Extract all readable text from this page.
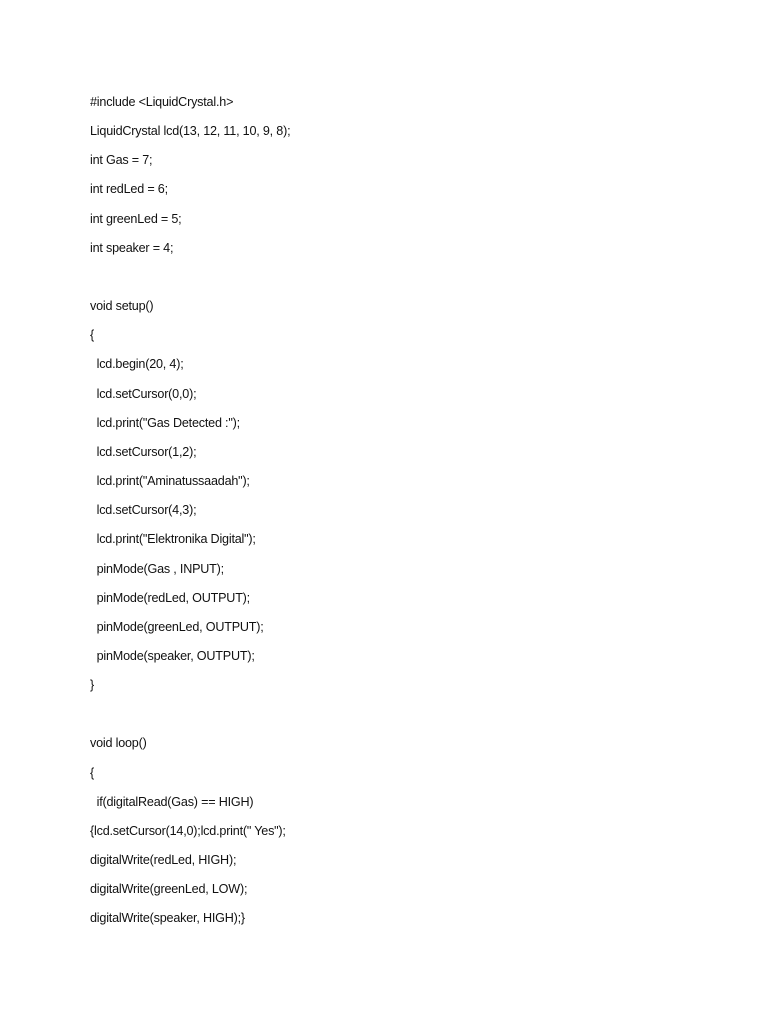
#include <LiquidCrystal.h>
LiquidCrystal lcd(13, 12, 11, 10, 9, 8);
int Gas = 7;
int redLed = 6;
int greenLed = 5;
int speaker = 4;
void setup()
{
lcd.begin(20, 4);
lcd.setCursor(0,0);
lcd.print("Gas Detected :");
lcd.setCursor(1,2);
lcd.print("Aminatussaadah");
lcd.setCursor(4,3);
lcd.print("Elektronika Digital");
pinMode(Gas , INPUT);
pinMode(redLed, OUTPUT);
pinMode(greenLed, OUTPUT);
pinMode(speaker, OUTPUT);
}
void loop()
{
if(digitalRead(Gas) == HIGH)
{lcd.setCursor(14,0);lcd.print(" Yes");
digitalWrite(redLed, HIGH);
digitalWrite(greenLed, LOW);
digitalWrite(speaker, HIGH);}
